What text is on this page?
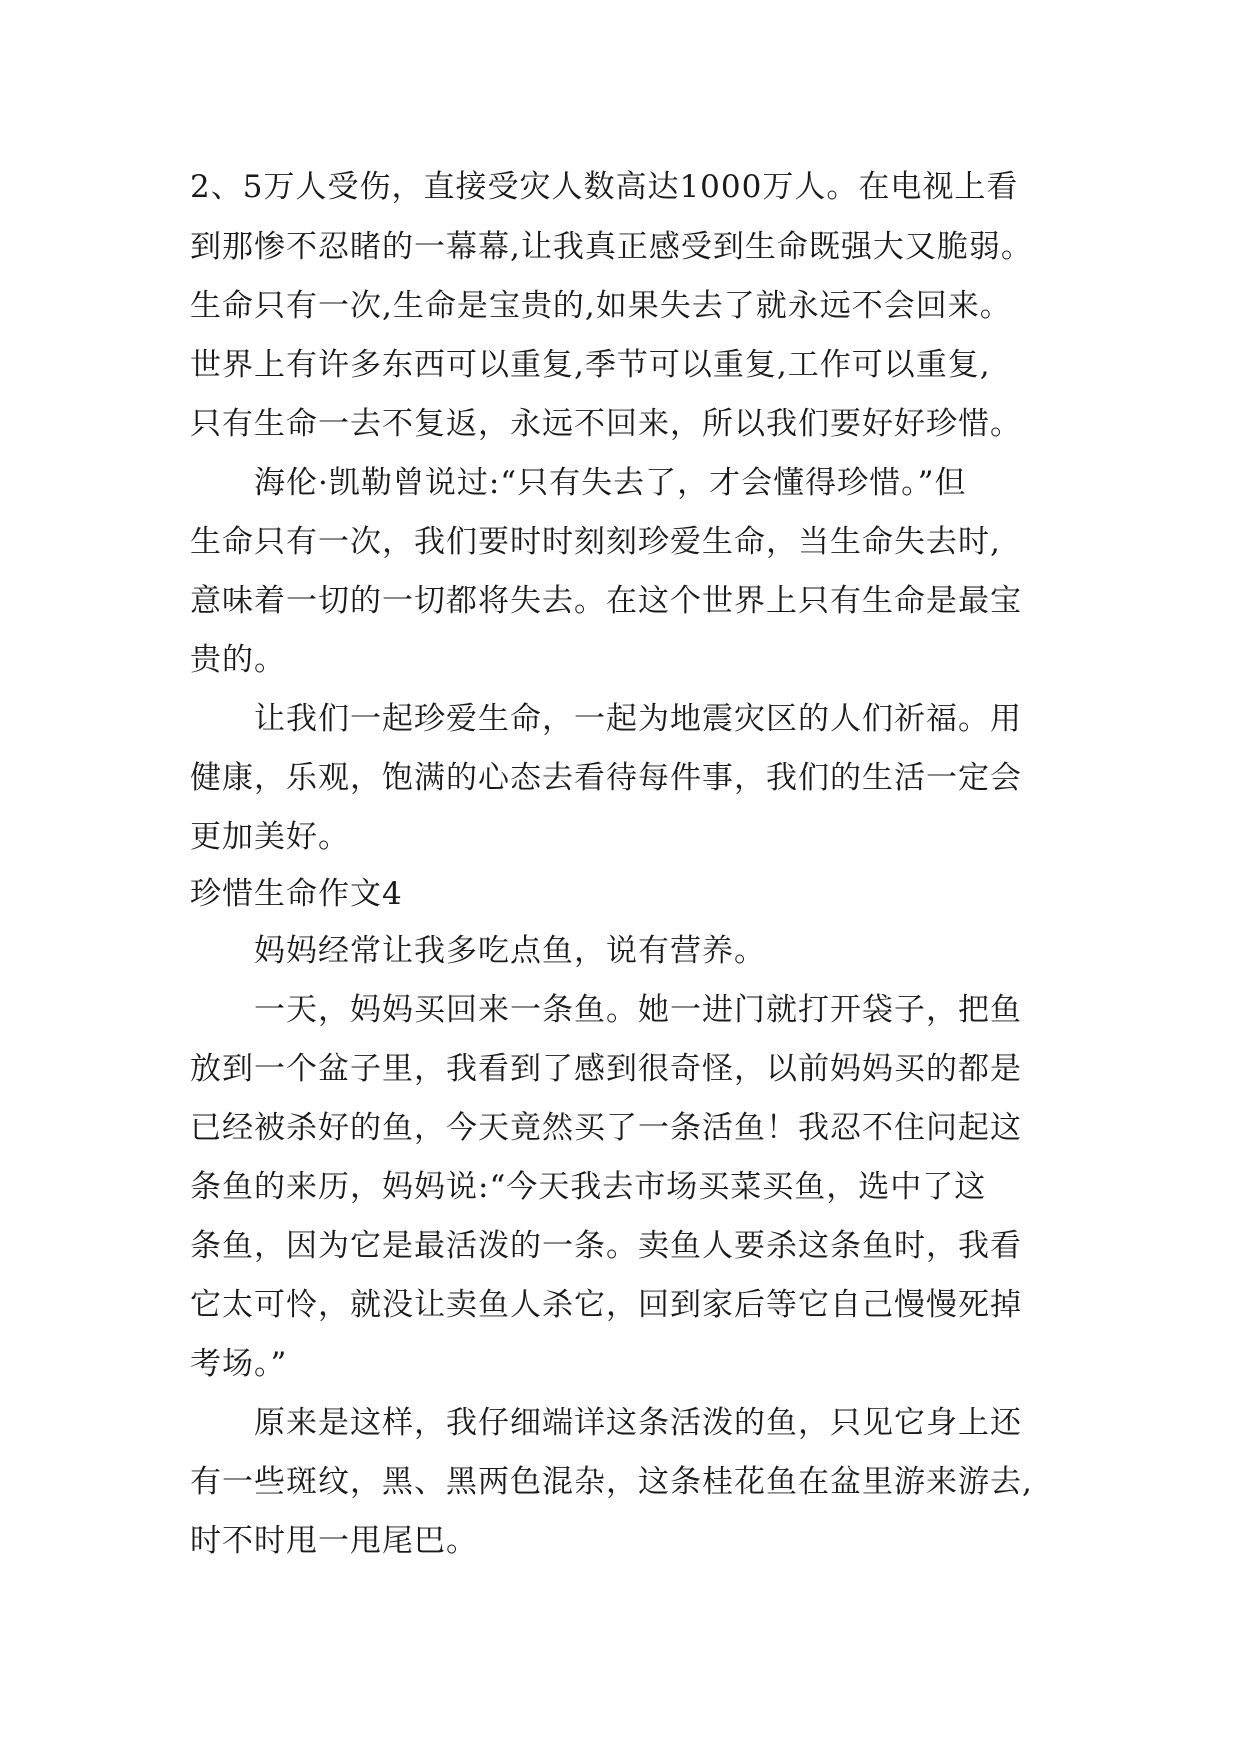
2、5万人受伤，直接受灾人数高达1000万人。在电视上看
到那惨不忍睹的一幕幕,让我真正感受到生命既强大又脆弱。
生命只有一次,生命是宝贵的,如果失去了就永远不会回来。
世界上有许多东西可以重复,季节可以重复,工作可以重复,
只有生命一去不复返，永远不回来，所以我们要好好珍惜。
海伦·凯勒曾说过:“只有失去了，才会懂得珍惜。”但
生命只有一次，我们要时时刻刻珍爱生命，当生命失去时,
意味着一切的一切都将失去。在这个世界上只有生命是最宝
贵的。
让我们一起珍爱生命，一起为地震灾区的人们祈福。用
健康，乐观，饱满的心态去看待每件事，我们的生活一定会
更加美好。
珍惜生命作文4
妈妈经常让我多吃点鱼，说有营养。
一天，妈妈买回来一条鱼。她一进门就打开袋子，把鱼
放到一个盆子里，我看到了感到很奇怪，以前妈妈买的都是
已经被杀好的鱼，今天竟然买了一条活鱼！我忍不住问起这
条鱼的来历，妈妈说:“今天我去市场买菜买鱼，选中了这
条鱼，因为它是最活泼的一条。卖鱼人要杀这条鱼时，我看
它太可怜，就没让卖鱼人杀它，回到家后等它自己慢慢死掉
考场。”
原来是这样，我仔细端详这条活泼的鱼，只见它身上还
有一些斑纹，黑、黑两色混杂，这条桂花鱼在盆里游来游去,
时不时甩一甩尾巴。
